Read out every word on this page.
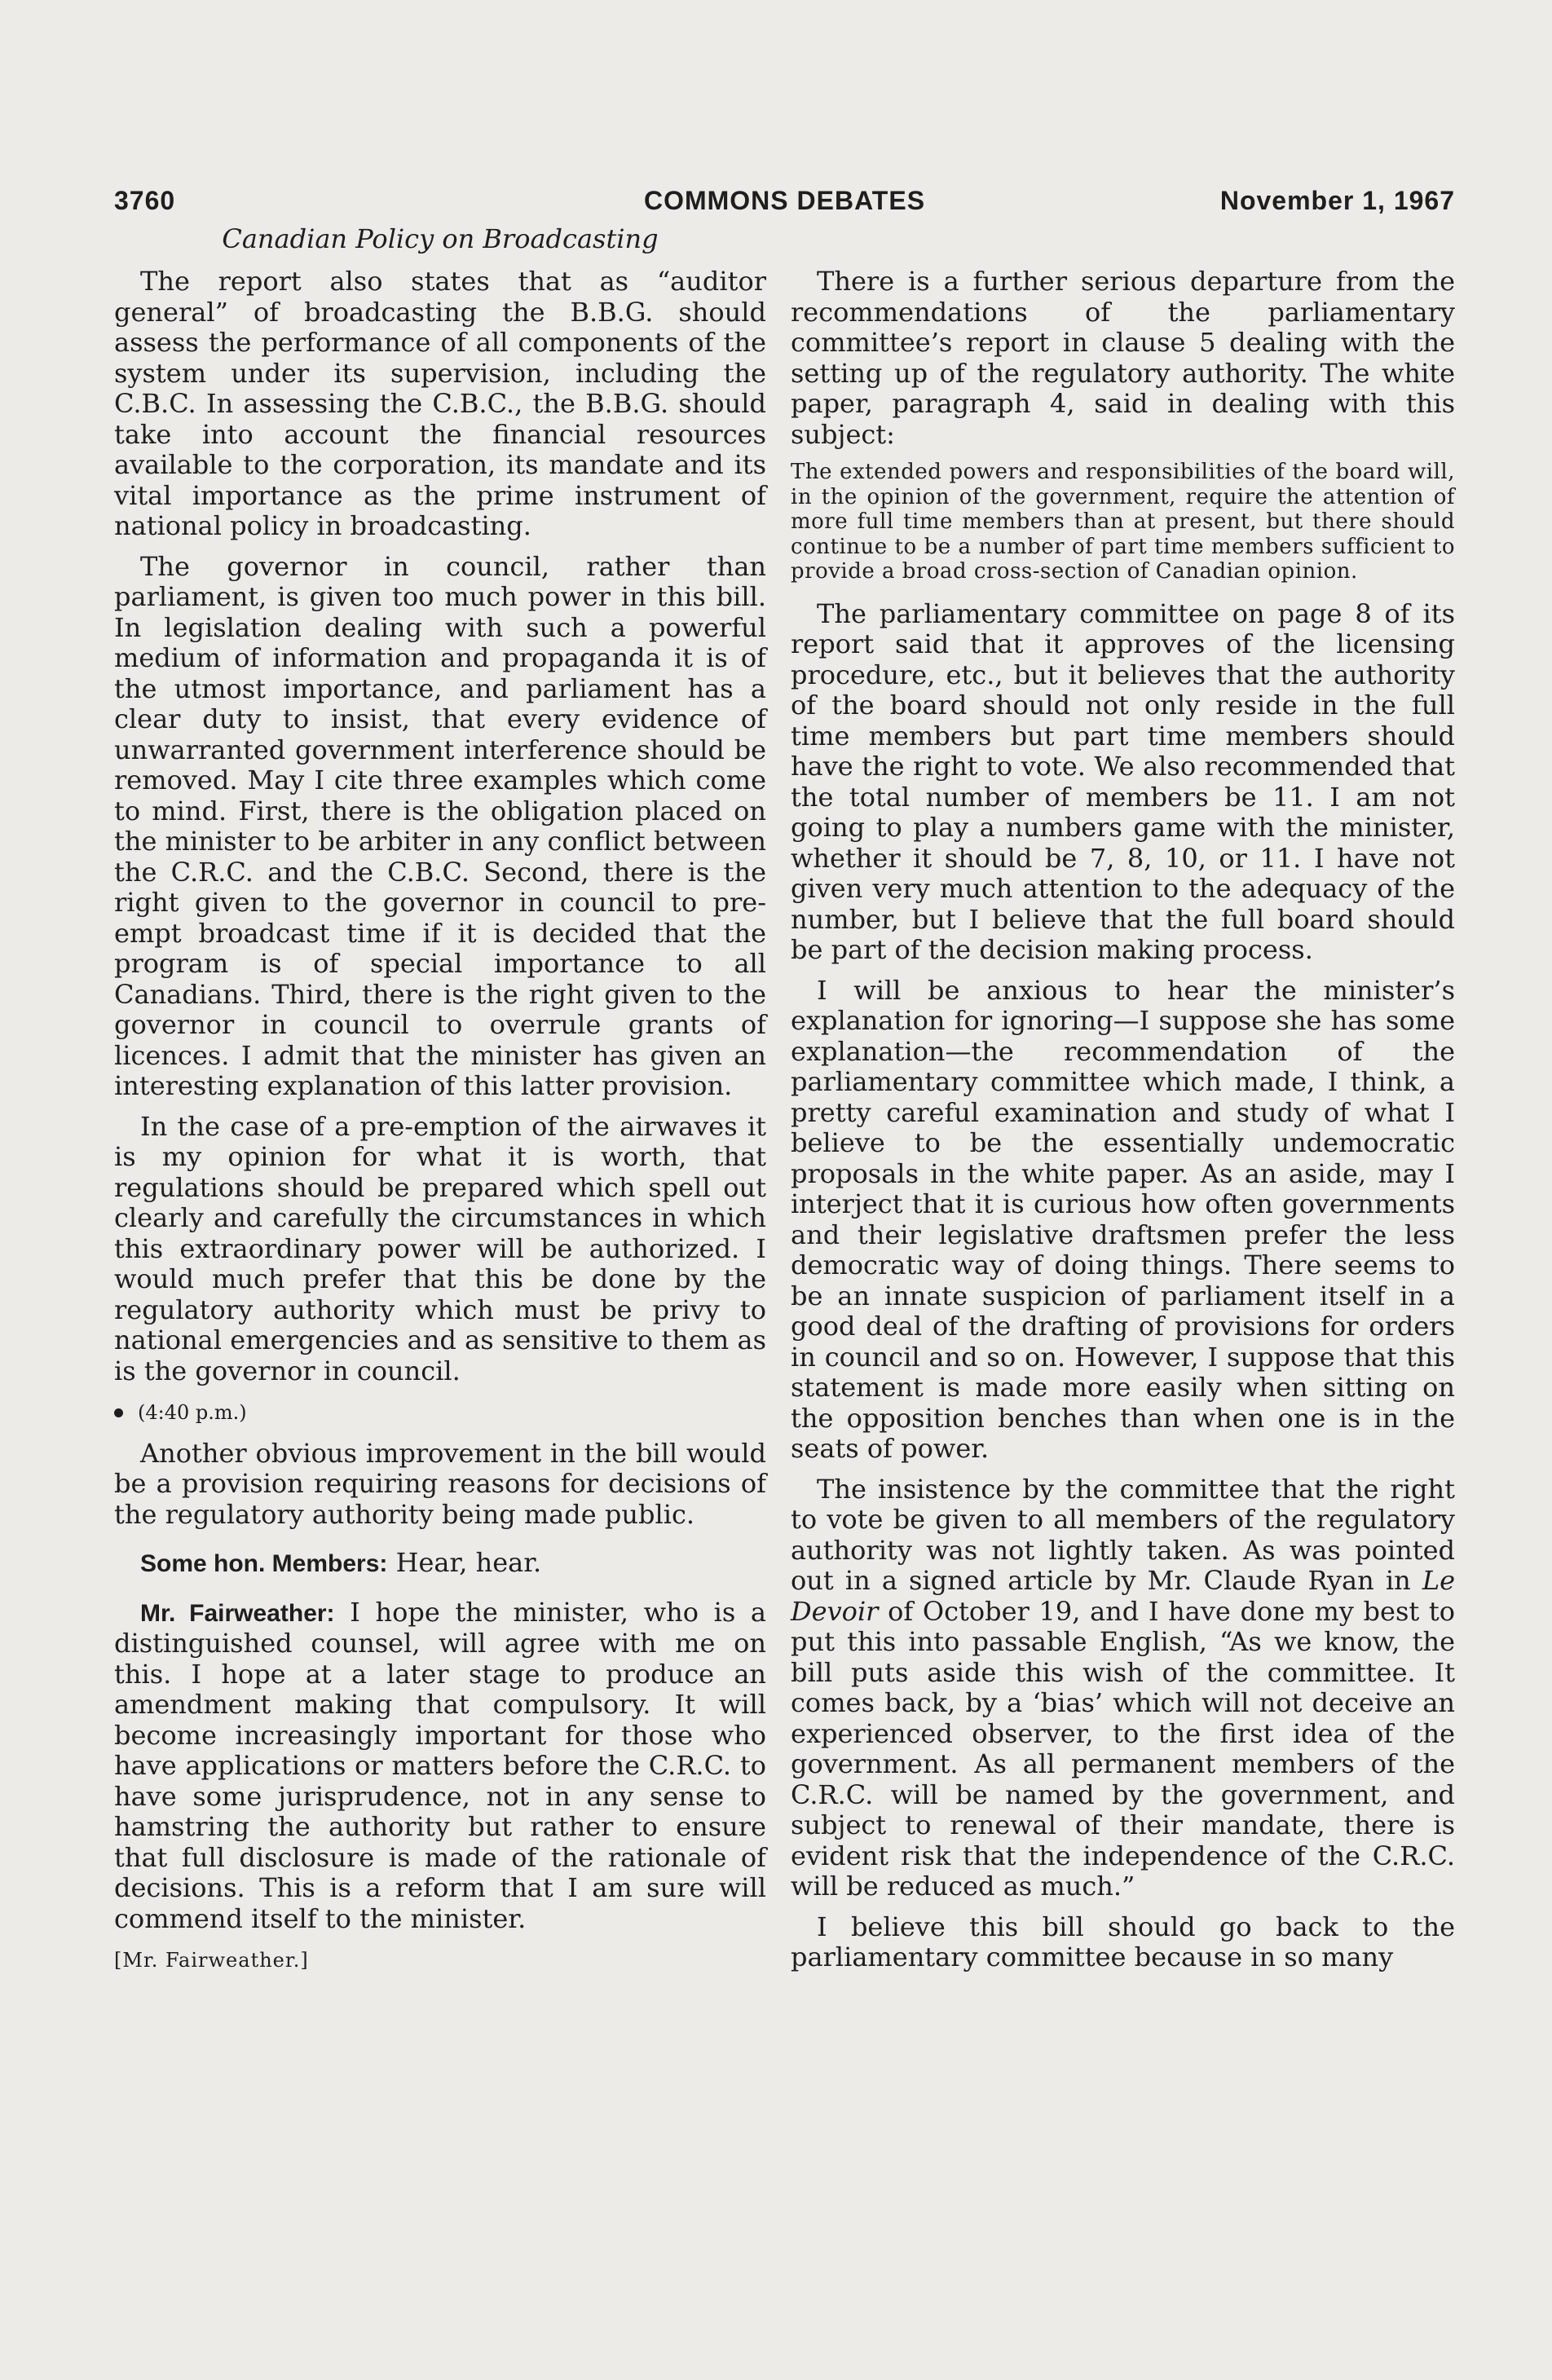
3760	COMMONS DEBATES	November 1, 1967
Canadian Policy on Broadcasting

The report also states that as “auditor general” of broadcasting the B.B.G. should assess the performance of all components of the system under its supervision, including the C.B.C. In assessing the C.B.C., the B.B.G. should take into account the financial resources available to the corporation, its mandate and its vital importance as the prime instrument of national policy in broadcasting.

The governor in council, rather than parliament, is given too much power in this bill. In legislation dealing with such a powerful medium of information and propaganda it is of the utmost importance, and parliament has a clear duty to insist, that every evidence of unwarranted government interference should be removed. May I cite three examples which come to mind. First, there is the obligation placed on the minister to be arbiter in any conflict between the C.R.C. and the C.B.C. Second, there is the right given to the governor in council to pre-empt broadcast time if it is decided that the program is of special importance to all Canadians. Third, there is the right given to the governor in council to overrule grants of licences. I admit that the minister has given an interesting explanation of this latter provision.

In the case of a pre-emption of the airwaves it is my opinion for what it is worth, that regulations should be prepared which spell out clearly and carefully the circumstances in which this extraordinary power will be authorized. I would much prefer that this be done by the regulatory authority which must be privy to national emergencies and as sensitive to them as is the governor in council.

(4:40 p.m.)

Another obvious improvement in the bill would be a provision requiring reasons for decisions of the regulatory authority being made public.

Some hon. Members: Hear, hear.

Mr. Fairweather: I hope the minister, who is a distinguished counsel, will agree with me on this. I hope at a later stage to produce an amendment making that compulsory. It will become increasingly important for those who have applications or matters before the C.R.C. to have some jurisprudence, not in any sense to hamstring the authority but rather to ensure that full disclosure is made of the rationale of decisions. This is a reform that I am sure will commend itself to the minister.

[Mr. Fairweather.]

There is a further serious departure from the recommendations of the parliamentary committee’s report in clause 5 dealing with the setting up of the regulatory authority. The white paper, paragraph 4, said in dealing with this subject:

The extended powers and responsibilities of the board will, in the opinion of the government, require the attention of more full time members than at present, but there should continue to be a number of part time members sufficient to provide a broad cross-section of Canadian opinion.

The parliamentary committee on page 8 of its report said that it approves of the licensing procedure, etc., but it believes that the authority of the board should not only reside in the full time members but part time members should have the right to vote. We also recommended that the total number of members be 11. I am not going to play a numbers game with the minister, whether it should be 7, 8, 10, or 11. I have not given very much attention to the adequacy of the number, but I believe that the full board should be part of the decision making process.

I will be anxious to hear the minister’s explanation for ignoring—I suppose she has some explanation—the recommendation of the parliamentary committee which made, I think, a pretty careful examination and study of what I believe to be the essentially undemocratic proposals in the white paper. As an aside, may I interject that it is curious how often governments and their legislative draftsmen prefer the less democratic way of doing things. There seems to be an innate suspicion of parliament itself in a good deal of the drafting of provisions for orders in council and so on. However, I suppose that this statement is made more easily when sitting on the opposition benches than when one is in the seats of power.

The insistence by the committee that the right to vote be given to all members of the regulatory authority was not lightly taken. As was pointed out in a signed article by Mr. Claude Ryan in Le Devoir of October 19, and I have done my best to put this into passable English, “As we know, the bill puts aside this wish of the committee. It comes back, by a ‘bias’ which will not deceive an experienced observer, to the first idea of the government. As all permanent members of the C.R.C. will be named by the government, and subject to renewal of their mandate, there is evident risk that the independence of the C.R.C. will be reduced as much.”

I believe this bill should go back to the parliamentary committee because in so many
